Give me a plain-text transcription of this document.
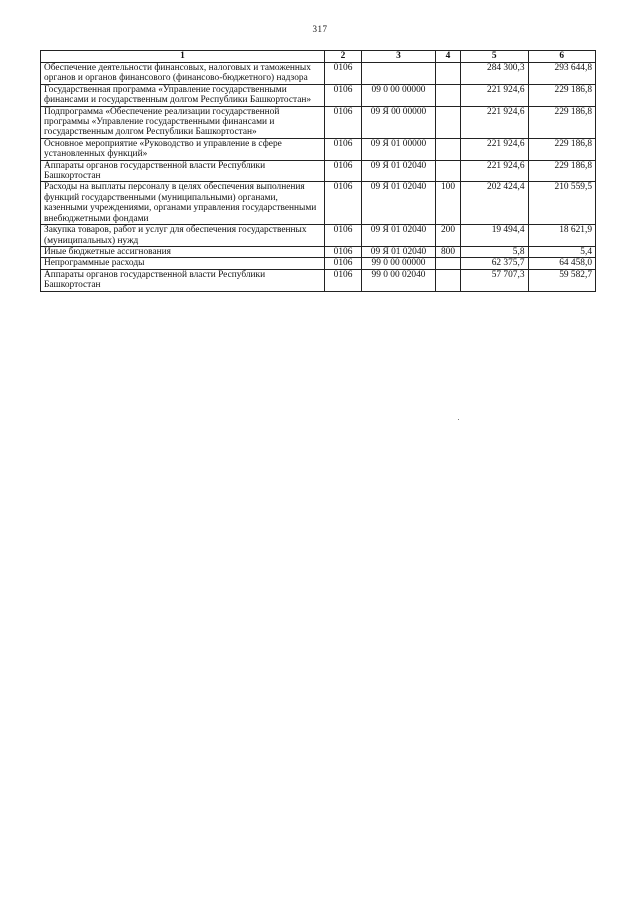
317
1	2	3	4	5	6
Обеспечение деятельности финансовых, налоговых и таможенных органов и органов финансового (финансово-бюджетного) надзора	0106			284 300,3	293 644,8
Государственная программа «Управление государственными финансами и государственным долгом Республики Башкортостан»	0106	09 0 00 00000		221 924,6	229 186,8
Подпрограмма «Обеспечение реализации государственной программы «Управление государственными финансами и государственным долгом Республики Башкортостан»	0106	09 Я 00 00000		221 924,6	229 186,8
Основное мероприятие «Руководство и управление в сфере установленных функций»	0106	09 Я 01 00000		221 924,6	229 186,8
Аппараты органов государственной власти Республики Башкортостан	0106	09 Я 01 02040		221 924,6	229 186,8
Расходы на выплаты персоналу в целях обеспечения выполнения функций государственными (муниципальными) органами, казенными учреждениями, органами управления государственными внебюджетными фондами	0106	09 Я 01 02040	100	202 424,4	210 559,5
Закупка товаров, работ и услуг для обеспечения государственных (муниципальных) нужд	0106	09 Я 01 02040	200	19 494,4	18 621,9
Иные бюджетные ассигнования	0106	09 Я 01 02040	800	5,8	5,4
Непрограммные расходы	0106	99 0 00 00000		62 375,7	64 458,0
Аппараты органов государственной власти Республики Башкортостан	0106	99 0 00 02040		57 707,3	59 582,7
